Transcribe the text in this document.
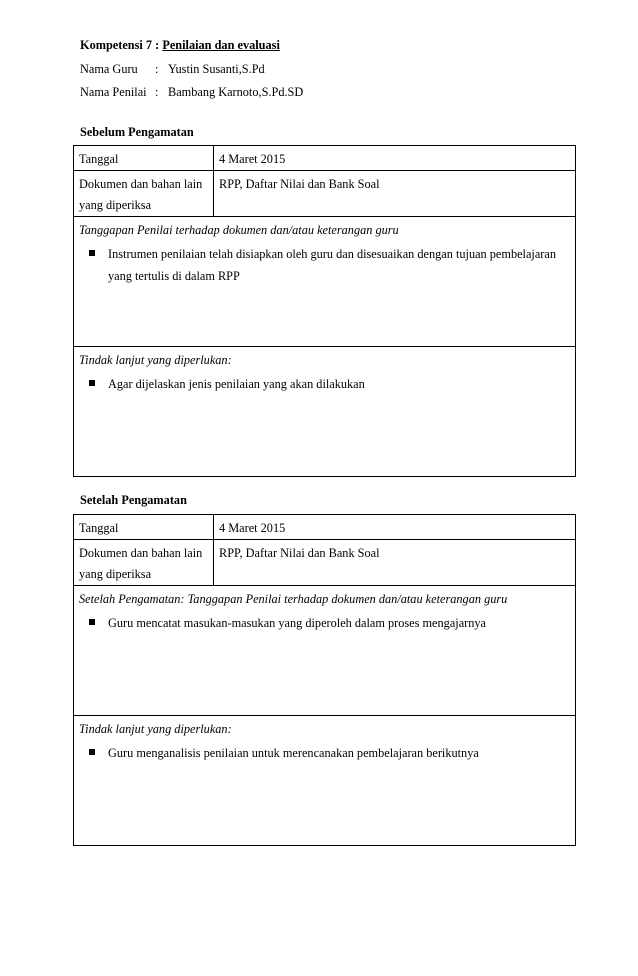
Kompetensi 7 : Penilaian dan evaluasi
Nama Guru : Yustin Susanti,S.Pd
Nama Penilai : Bambang Karnoto,S.Pd.SD
Sebelum Pengamatan
Tanggal	4 Maret 2015
Dokumen dan bahan lain yang diperiksa	RPP, Daftar Nilai dan Bank Soal

Tanggapan Penilai terhadap dokumen dan/atau keterangan guru
Instrumen penilaian telah disiapkan oleh guru dan disesuaikan dengan tujuan pembelajaran yang tertulis di dalam RPP	

Tindak lanjut yang diperlukan:
Agar dijelaskan jenis penilaian yang akan dilakukan	
Setelah Pengamatan
Tanggal	4 Maret 2015
Dokumen dan bahan lain yang diperiksa	RPP, Daftar Nilai dan Bank Soal

Setelah Pengamatan: Tanggapan Penilai terhadap dokumen dan/atau keterangan guru
Guru mencatat masukan-masukan yang diperoleh dalam proses mengajarnya	

Tindak lanjut yang diperlukan:
Guru menganalisis penilaian untuk merencanakan pembelajaran berikutnya	
